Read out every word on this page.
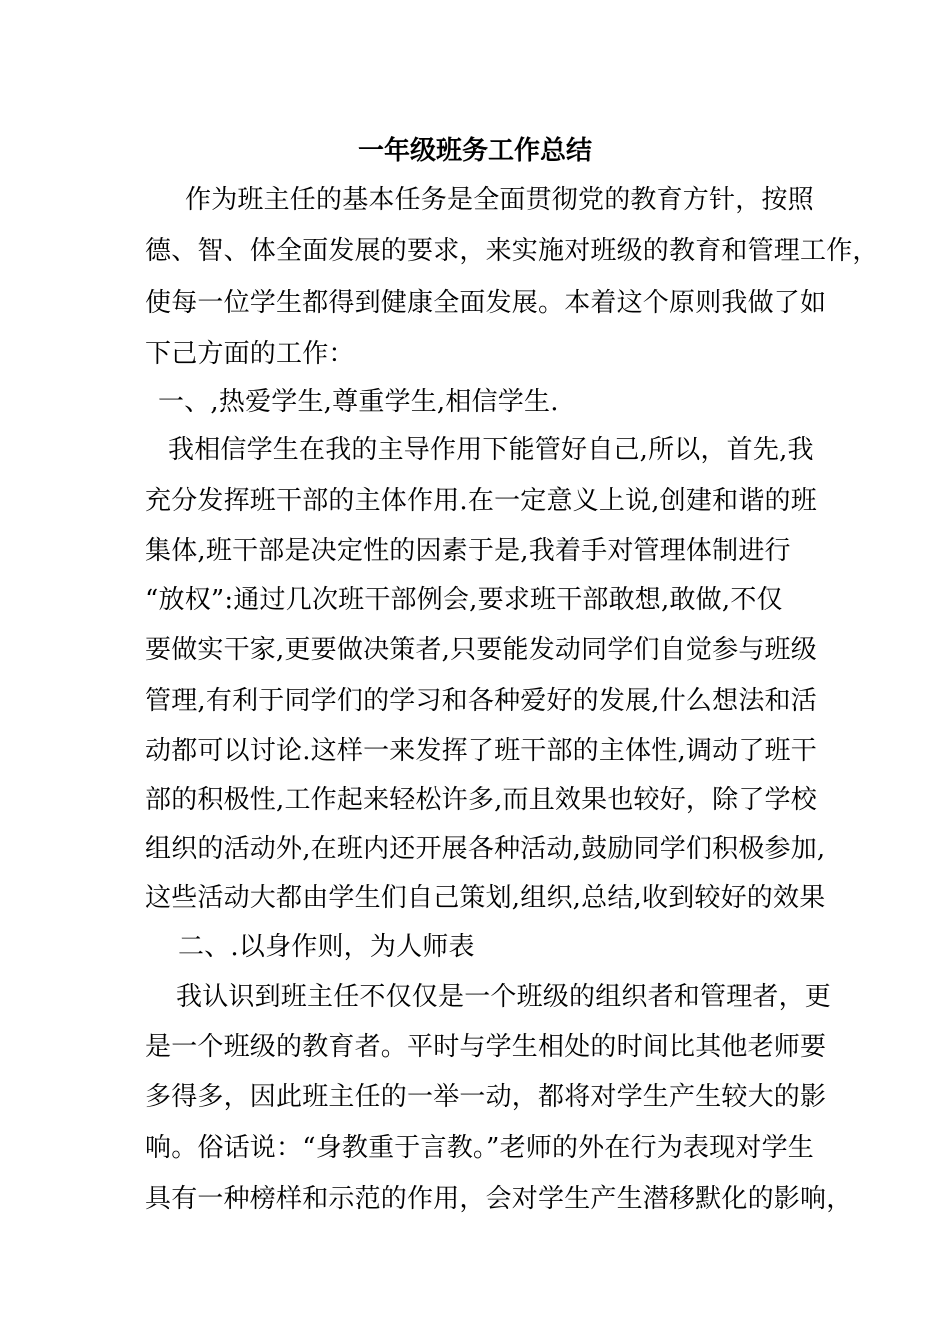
一年级班务工作总结
作为班主任的基本任务是全面贯彻党的教育方针，按照
德、智、体全面发展的要求，来实施对班级的教育和管理工作，
使每一位学生都得到健康全面发展。本着这个原则我做了如
下己方面的工作：
一、,热爱学生,尊重学生,相信学生.
我相信学生在我的主导作用下能管好自己,所以，首先,我
充分发挥班干部的主体作用.在一定意义上说,创建和谐的班
集体,班干部是决定性的因素于是,我着手对管理体制进行
“放权”:通过几次班干部例会,要求班干部敢想,敢做,不仅
要做实干家,更要做决策者,只要能发动同学们自觉参与班级
管理,有利于同学们的学习和各种爱好的发展,什么想法和活
动都可以讨论.这样一来发挥了班干部的主体性,调动了班干
部的积极性,工作起来轻松许多,而且效果也较好，除了学校
组织的活动外,在班内还开展各种活动,鼓励同学们积极参加,
这些活动大都由学生们自己策划,组织,总结,收到较好的效果
二、.以身作则，为人师表
我认识到班主任不仅仅是一个班级的组织者和管理者，更
是一个班级的教育者。平时与学生相处的时间比其他老师要
多得多，因此班主任的一举一动，都将对学生产生较大的影
响。俗话说：“身教重于言教。”老师的外在行为表现对学生
具有一种榜样和示范的作用，会对学生产生潜移默化的影响，
